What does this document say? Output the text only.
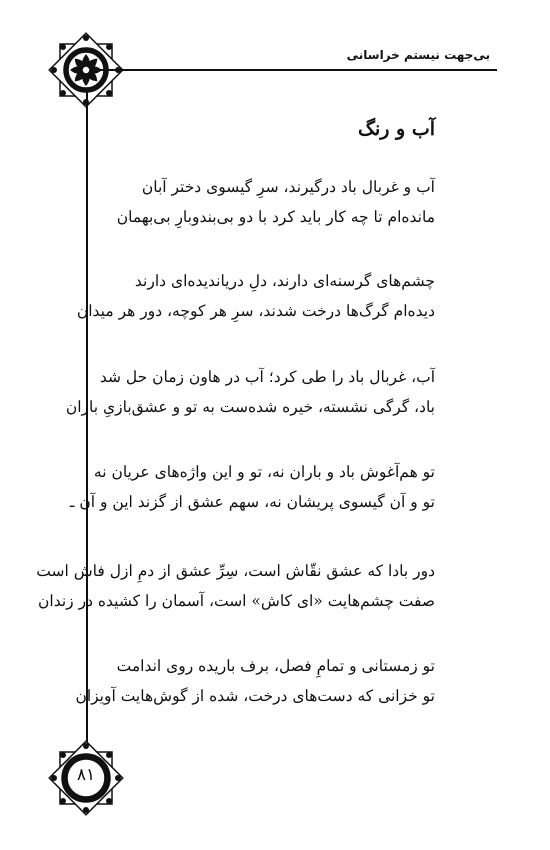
بی‌جهت نیستم خراسانی
آب و رنگ
آب و غربال باد درگیرند، سرِ گیسوی دختر آبان
مانده‌ام تا چه کار باید کرد با دو بی‌بندوبارِ بی‌بهمان
چشم‌های گرسنه‌ای دارند، دلِ دریاندیده‌ای دارند
دیده‌ام گرگ‌ها درخت شدند، سرِ هر کوچه، دور هر میدان
آب، غربال باد را طی کرد؛ آب در هاون زمان حل شد
باد، گرگی نشسته، خیره شده‌ست به تو و عشق‌بازیِ باران
تو هم‌آغوش باد و باران نه، تو و این واژه‌های عریان نه
تو و آن گیسوی پریشان نه، سهم عشق از گزند این و آن ـ
دور بادا که عشق نقّاش است، سِرِّ عشق از دمِ ازل فاش است
صفت چشم‌هایت «ای کاش» است، آسمان را کشیده در زندان
تو زمستانی و تمامِ فصل، برف باریده روی اندامت
تو خزانی که دست‌های درخت، شده از گوش‌هایت آویزان
۸۱
